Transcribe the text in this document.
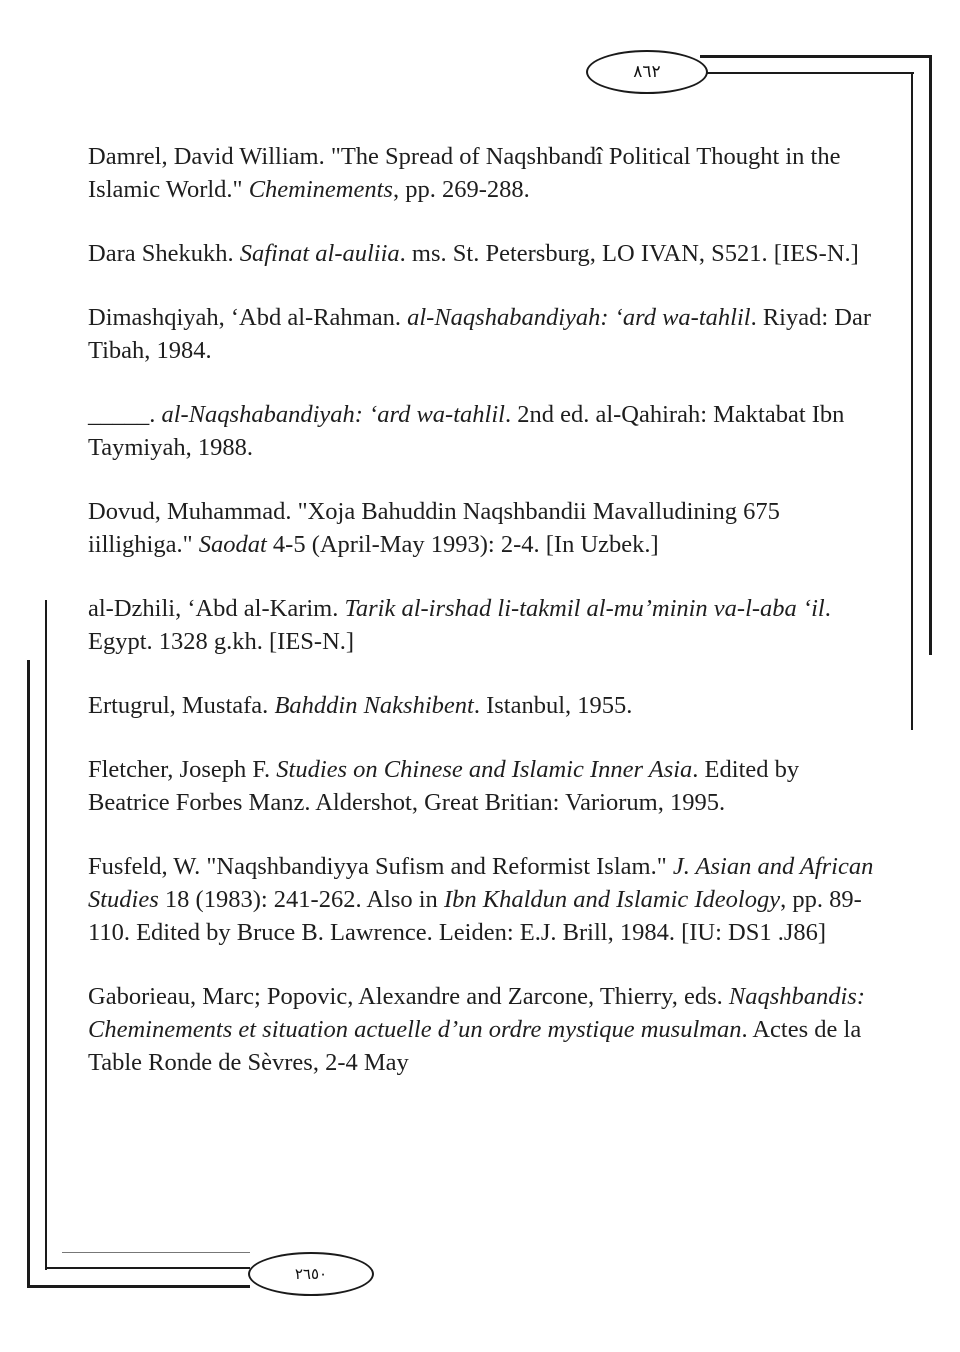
٨٦٢
Damrel, David William. "The Spread of Naqshbandî Political Thought in the Islamic World." Cheminements, pp. 269-288.
Dara Shekukh. Safinat al-auliia. ms. St. Petersburg, LO IVAN, S521. [IES-N.]
Dimashqiyah, ‘Abd al-Rahman. al-Naqshabandiyah: ‘ard wa-tahlil. Riyad: Dar Tibah, 1984.
_____. al-Naqshabandiyah: ‘ard wa-tahlil. 2nd ed. al-Qahirah: Maktabat Ibn Taymiyah, 1988.
Dovud, Muhammad. "Xoja Bahuddin Naqshbandii Mavalludining 675 iillighiga." Saodat 4-5 (April-May 1993): 2-4. [In Uzbek.]
al-Dzhili, ‘Abd al-Karim. Tarik al-irshad li-takmil al-mu’minin va-l-aba ‘il. Egypt. 1328 g.kh. [IES-N.]
Ertugrul, Mustafa. Bahddin Nakshibent. Istanbul, 1955.
Fletcher, Joseph F. Studies on Chinese and Islamic Inner Asia. Edited by Beatrice Forbes Manz. Aldershot, Great Britian: Variorum, 1995.
Fusfeld, W. "Naqshbandiyya Sufism and Reformist Islam." J. Asian and African Studies 18 (1983): 241-262. Also in Ibn Khaldun and Islamic Ideology, pp. 89-110. Edited by Bruce B. Lawrence. Leiden: E.J. Brill, 1984. [IU: DS1 .J86]
Gaborieau, Marc; Popovic, Alexandre and Zarcone, Thierry, eds. Naqshbandis: Cheminements et situation actuelle d’un ordre mystique musulman. Actes de la Table Ronde de Sèvres, 2-4 May
٢٦٥٠
